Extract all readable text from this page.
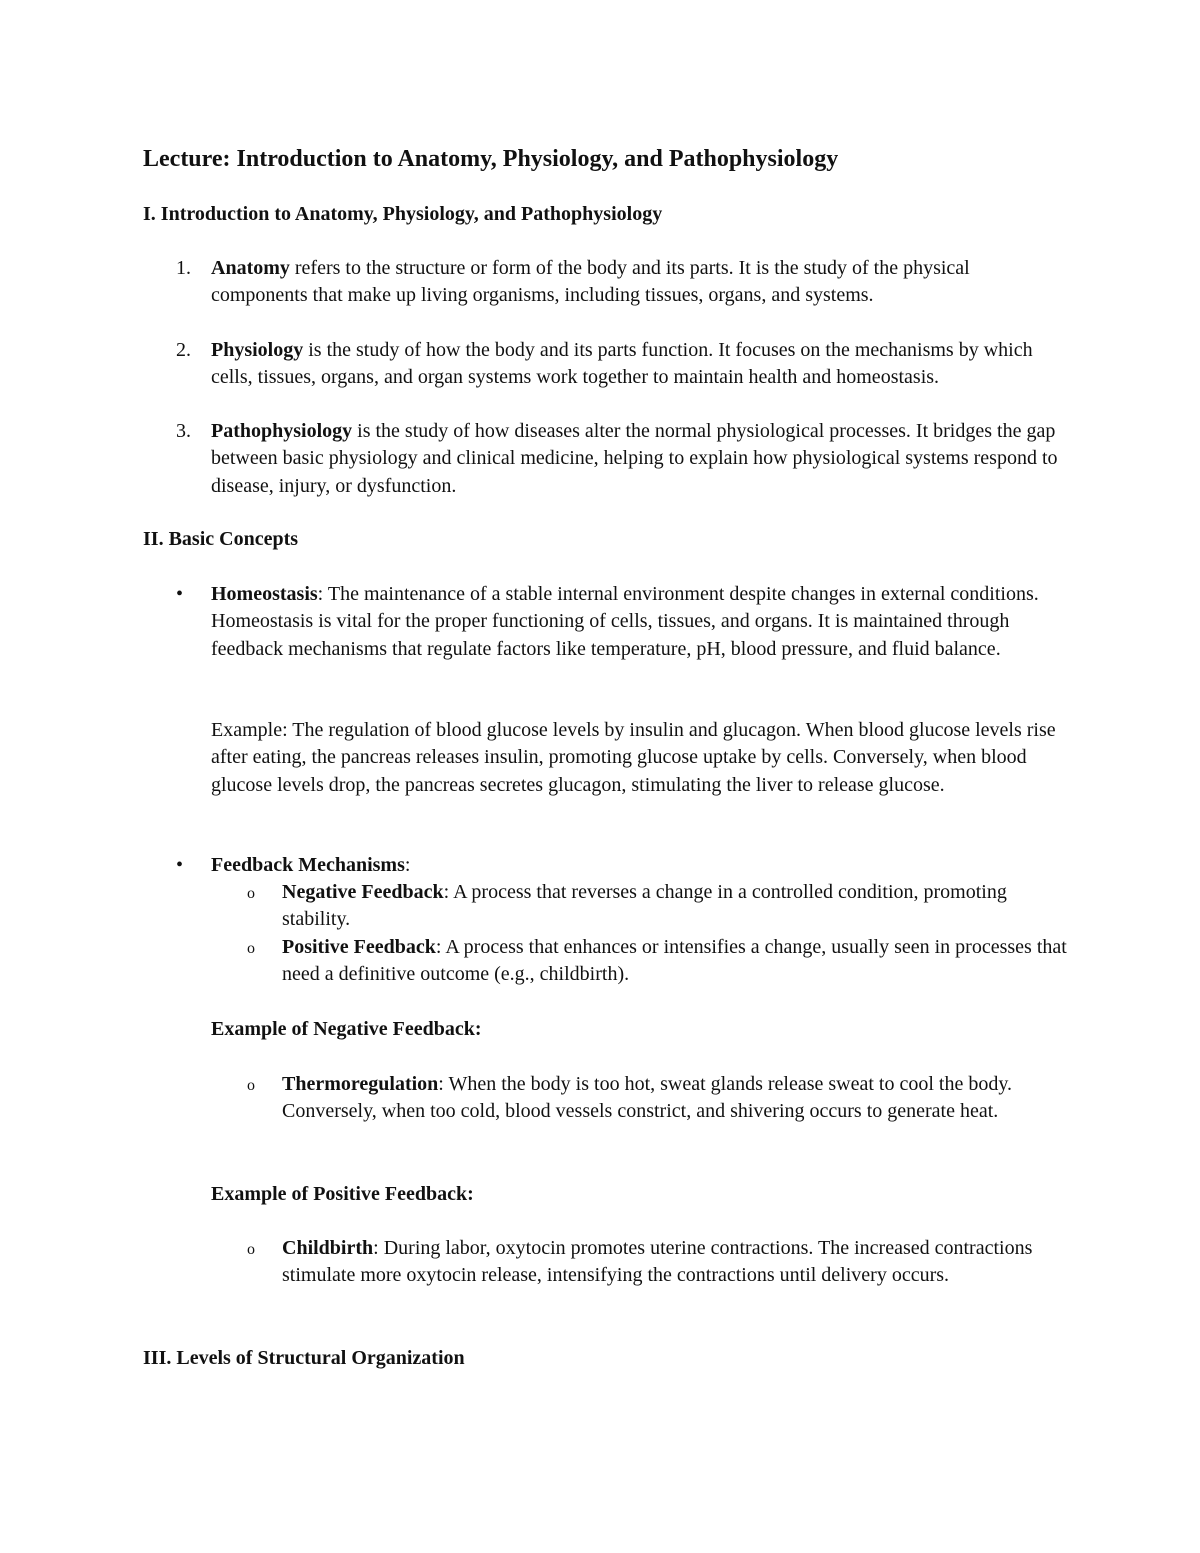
Lecture: Introduction to Anatomy, Physiology, and Pathophysiology
I. Introduction to Anatomy, Physiology, and Pathophysiology
1. Anatomy refers to the structure or form of the body and its parts. It is the study of the physical components that make up living organisms, including tissues, organs, and systems.

2. Physiology is the study of how the body and its parts function. It focuses on the mechanisms by which cells, tissues, organs, and organ systems work together to maintain health and homeostasis.

3. Pathophysiology is the study of how diseases alter the normal physiological processes. It bridges the gap between basic physiology and clinical medicine, helping to explain how physiological systems respond to disease, injury, or dysfunction.

II. Basic Concepts
• Homeostasis: The maintenance of a stable internal environment despite changes in external conditions. Homeostasis is vital for the proper functioning of cells, tissues, and organs. It is maintained through feedback mechanisms that regulate factors like temperature, pH, blood pressure, and fluid balance.

Example: The regulation of blood glucose levels by insulin and glucagon. When blood glucose levels rise after eating, the pancreas releases insulin, promoting glucose uptake by cells. Conversely, when blood glucose levels drop, the pancreas secretes glucagon, stimulating the liver to release glucose.

• Feedback Mechanisms:

o Negative Feedback: A process that reverses a change in a controlled condition, promoting stability.

o Positive Feedback: A process that enhances or intensifies a change, usually seen in processes that need a definitive outcome (e.g., childbirth).

Example of Negative Feedback:
o Thermoregulation: When the body is too hot, sweat glands release sweat to cool the body. Conversely, when too cold, blood vessels constrict, and shivering occurs to generate heat.

Example of Positive Feedback:
o Childbirth: During labor, oxytocin promotes uterine contractions. The increased contractions stimulate more oxytocin release, intensifying the contractions until delivery occurs.

III. Levels of Structural Organization
